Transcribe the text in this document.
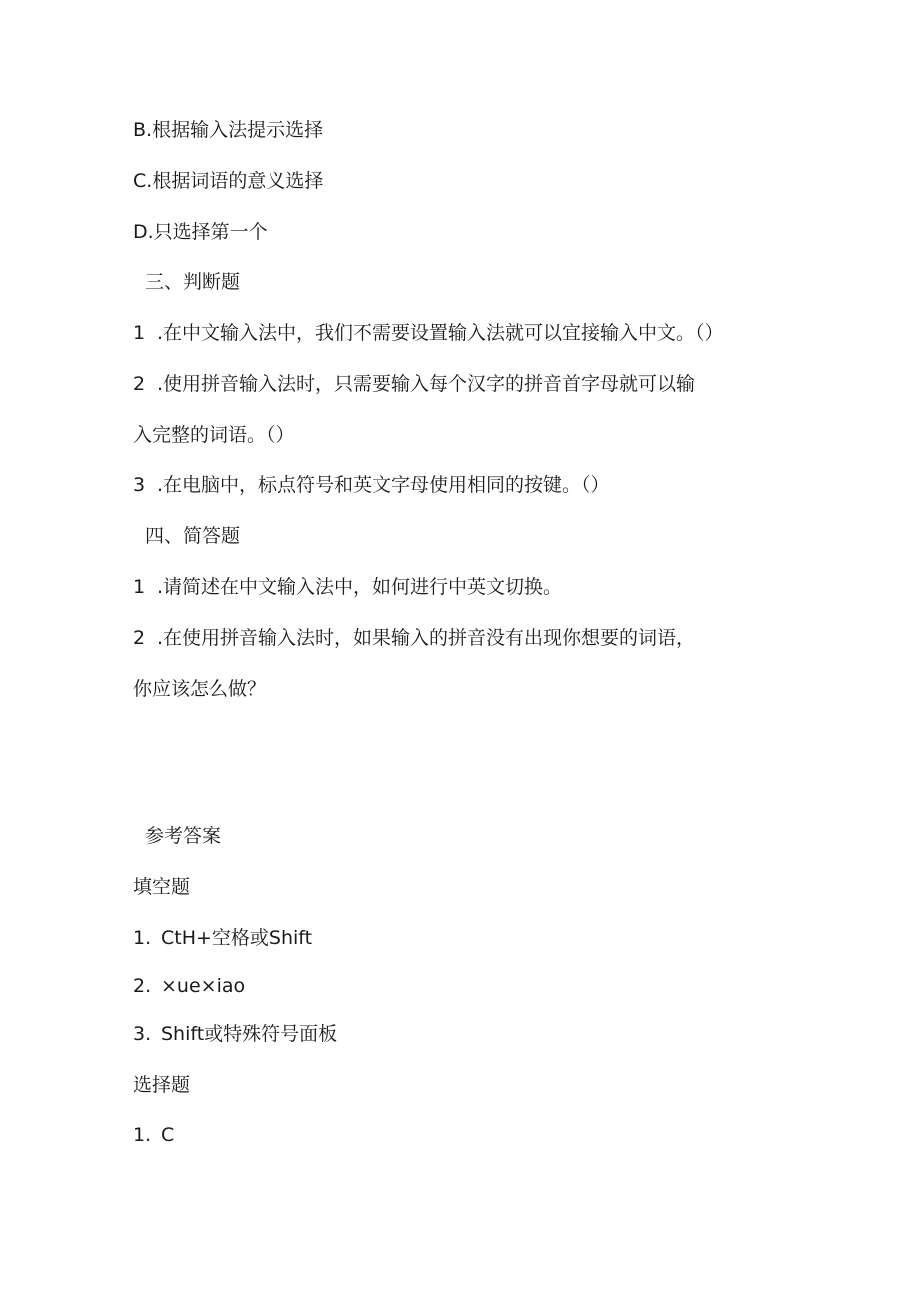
B.根据输入法提示选择
C.根据词语的意义选择
D.只选择第一个
三、判断题
1 .在中文输入法中，我们不需要设置输入法就可以宜接输入中文。（）
2 .使用拼音输入法时，只需要输入每个汉字的拼音首字母就可以输
入完整的词语。（）
3 .在电脑中，标点符号和英文字母使用相同的按键。（）
四、简答题
1 .请简述在中文输入法中，如何进行中英文切换。
2 .在使用拼音输入法时，如果输入的拼音没有出现你想要的词语，
你应该怎么做？
参考答案
填空题
1. CtH+空格或Shift
2. ×ue×iao
3. Shift或特殊符号面板
选择题
1. C
